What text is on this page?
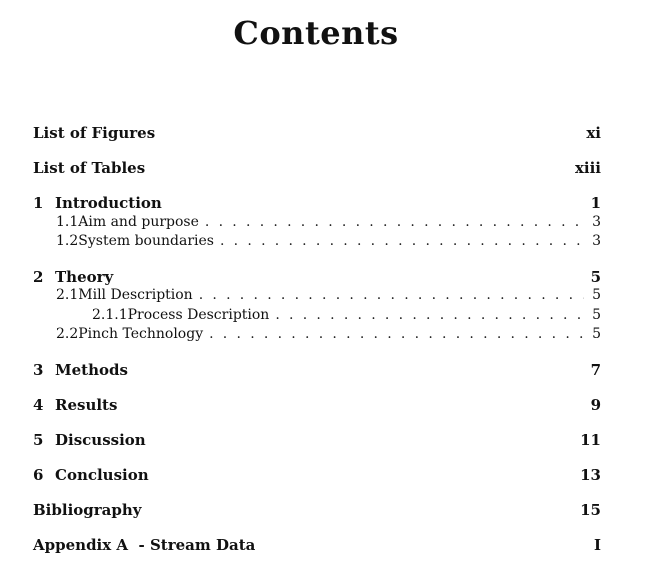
Contents
List of Figures	xi
List of Tables	xiii
1 Introduction	1
1.1 Aim and purpose . . .	3
1.2 System boundaries . . .	3
2 Theory	5
2.1 Mill Description . . .	5
2.1.1 Process Description . . .	5
2.2 Pinch Technology . . .	5
3 Methods	7
4 Results	9
5 Discussion	11
6 Conclusion	13
Bibliography	15
Appendix A  - Stream Data	I
